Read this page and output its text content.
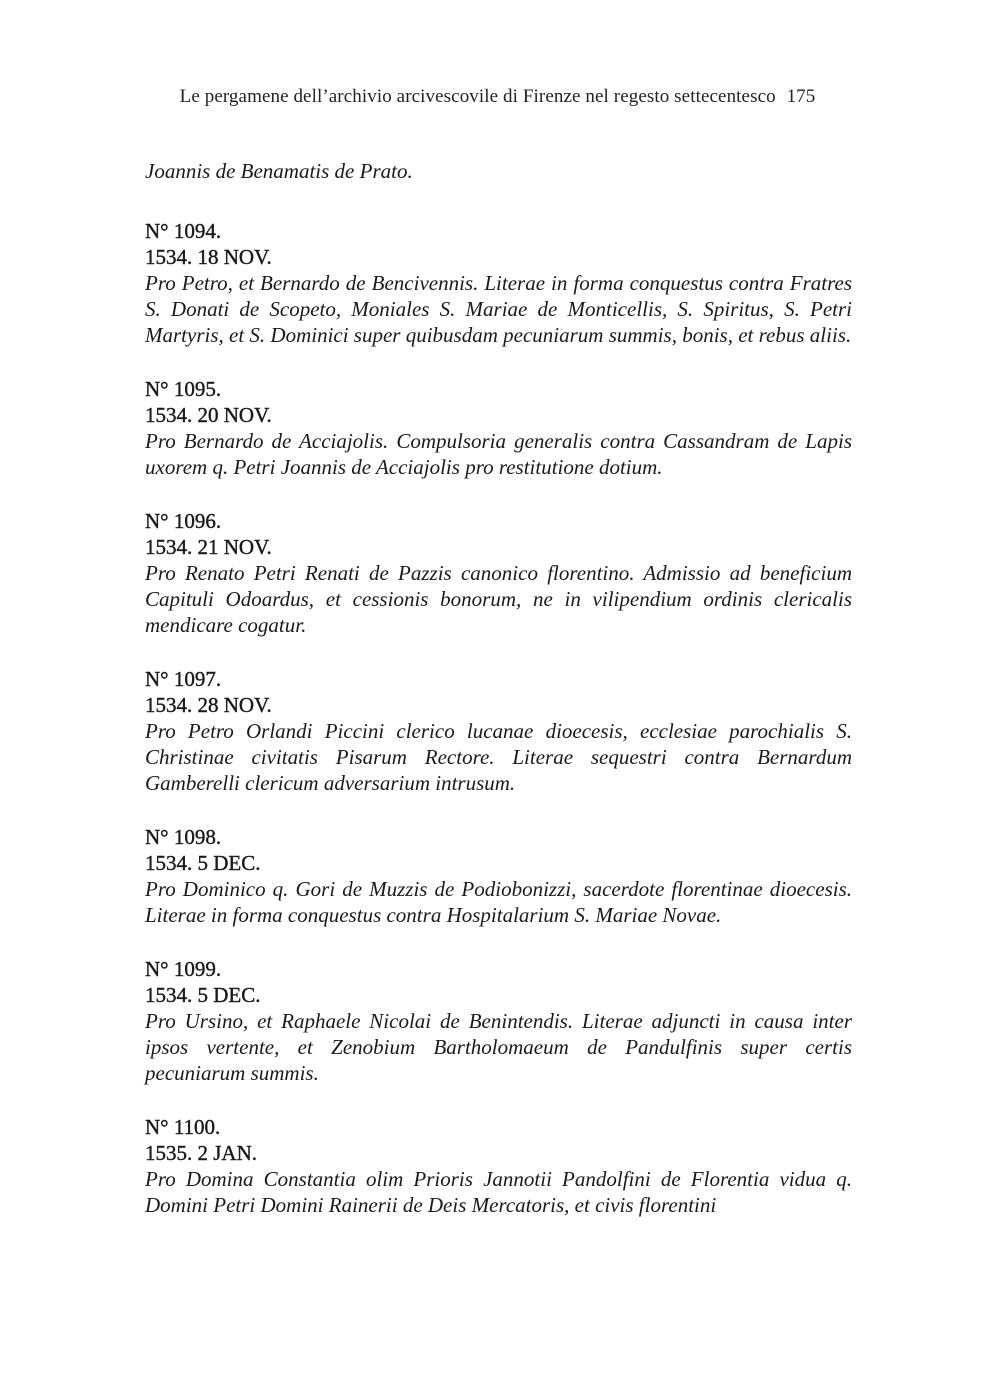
Le pergamene dell’archivio arcivescovile di Firenze nel regesto settecentesco 175

Joannis de Benamatis de Prato.

N° 1094.
1534. 18 NOV.

Pro Petro, et Bernardo de Bencivennis. Literae in forma conquestus contra Fratres S. Donati de Scopeto, Moniales S. Mariae de Monticellis, S. Spiritus, S. Petri Martyris, et S. Dominici super quibusdam pecuniarum summis, bonis, et rebus aliis.

N° 1095.
1534. 20 NOV.

Pro Bernardo de Acciajolis. Compulsoria generalis contra Cassandram de Lapis uxorem q. Petri Joannis de Acciajolis pro restitutione dotium.

N° 1096.
1534. 21 NOV.

Pro Renato Petri Renati de Pazzis canonico florentino. Admissio ad beneficium Capituli Odoardus, et cessionis bonorum, ne in vilipendium ordinis clericalis mendicare cogatur.

N° 1097.
1534. 28 NOV.

Pro Petro Orlandi Piccini clerico lucanae dioecesis, ecclesiae parochialis S. Christinae civitatis Pisarum Rectore. Literae sequestri contra Bernardum Gamberelli clericum adversarium intrusum.

N° 1098.
1534. 5 DEC.

Pro Dominico q. Gori de Muzzis de Podiobonizzi, sacerdote florentinae dioecesis. Literae in forma conquestus contra Hospitalarium S. Mariae Novae.

N° 1099.
1534. 5 DEC.

Pro Ursino, et Raphaele Nicolai de Benintendis. Literae adjuncti in causa inter ipsos vertente, et Zenobium Bartholomaeum de Pandulfinis super certis pecuniarum summis.

N° 1100.
1535. 2 JAN.

Pro Domina Constantia olim Prioris Jannotii Pandolfini de Florentia vidua q. Domini Petri Domini Rainerii de Deis Mercatoris, et civis florentini
